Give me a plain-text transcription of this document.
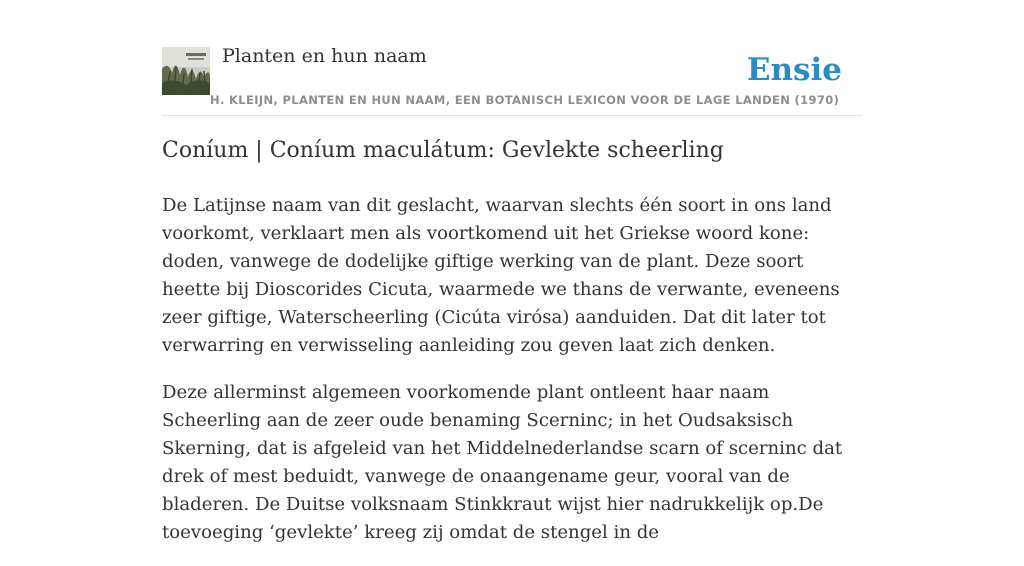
Planten en hun naam	Ensie
H. KLEIJN, PLANTEN EN HUN NAAM, EEN BOTANISCH LEXICON VOOR DE LAGE LANDEN (1970)
Coníum | Coníum maculátum: Gevlekte scheerling

De Latijnse naam van dit geslacht, waarvan slechts één soort in ons land voorkomt, verklaart men als voortkomend uit het Griekse woord kone: doden, vanwege de dodelijke giftige werking van de plant. Deze soort heette bij Dioscorides Cicuta, waarmede we thans de verwante, eveneens zeer giftige, Waterscheerling (Cicúta virósa) aanduiden. Dat dit later tot verwarring en verwisseling aanleiding zou geven laat zich denken.

Deze allerminst algemeen voorkomende plant ontleent haar naam Scheerling aan de zeer oude benaming Scerninc; in het Oudsaksisch Skerning, dat is afgeleid van het Middelnederlandse scarn of scerninc dat drek of mest beduidt, vanwege de onaangename geur, vooral van de bladeren. De Duitse volksnaam Stinkkraut wijst hier nadrukkelijk op.De toevoeging ‘gevlekte’ kreeg zij omdat de stengel in de
